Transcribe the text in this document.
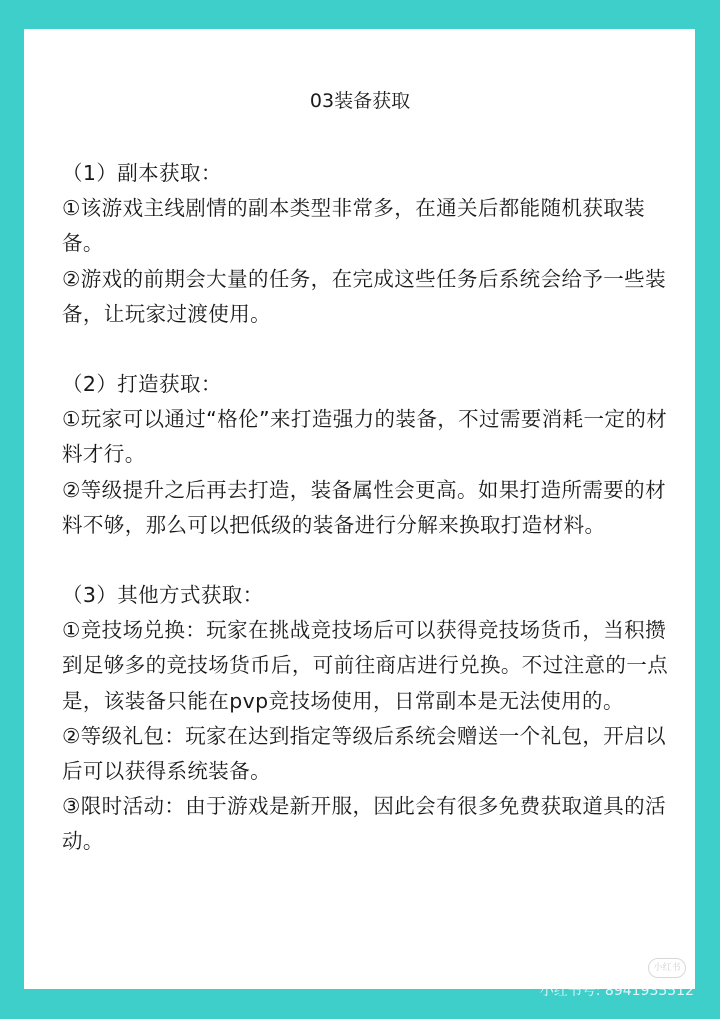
03装备获取

（1）副本获取：

①该游戏主线剧情的副本类型非常多，在通关后都能随机获取装备。

②游戏的前期会大量的任务，在完成这些任务后系统会给予一些装备，让玩家过渡使用。

（2）打造获取：

①玩家可以通过“格伦”来打造强力的装备，不过需要消耗一定的材料才行。

②等级提升之后再去打造，装备属性会更高。如果打造所需要的材料不够，那么可以把低级的装备进行分解来换取打造材料。

（3）其他方式获取：

①竞技场兑换：玩家在挑战竞技场后可以获得竞技场货币，当积攒到足够多的竞技场货币后，可前往商店进行兑换。不过注意的一点是，该装备只能在pvp竞技场使用，日常副本是无法使用的。

②等级礼包：玩家在达到指定等级后系统会赠送一个礼包，开启以后可以获得系统装备。

③限时活动：由于游戏是新开服，因此会有很多免费获取道具的活动。

小红书
小红书号: 8941935512
